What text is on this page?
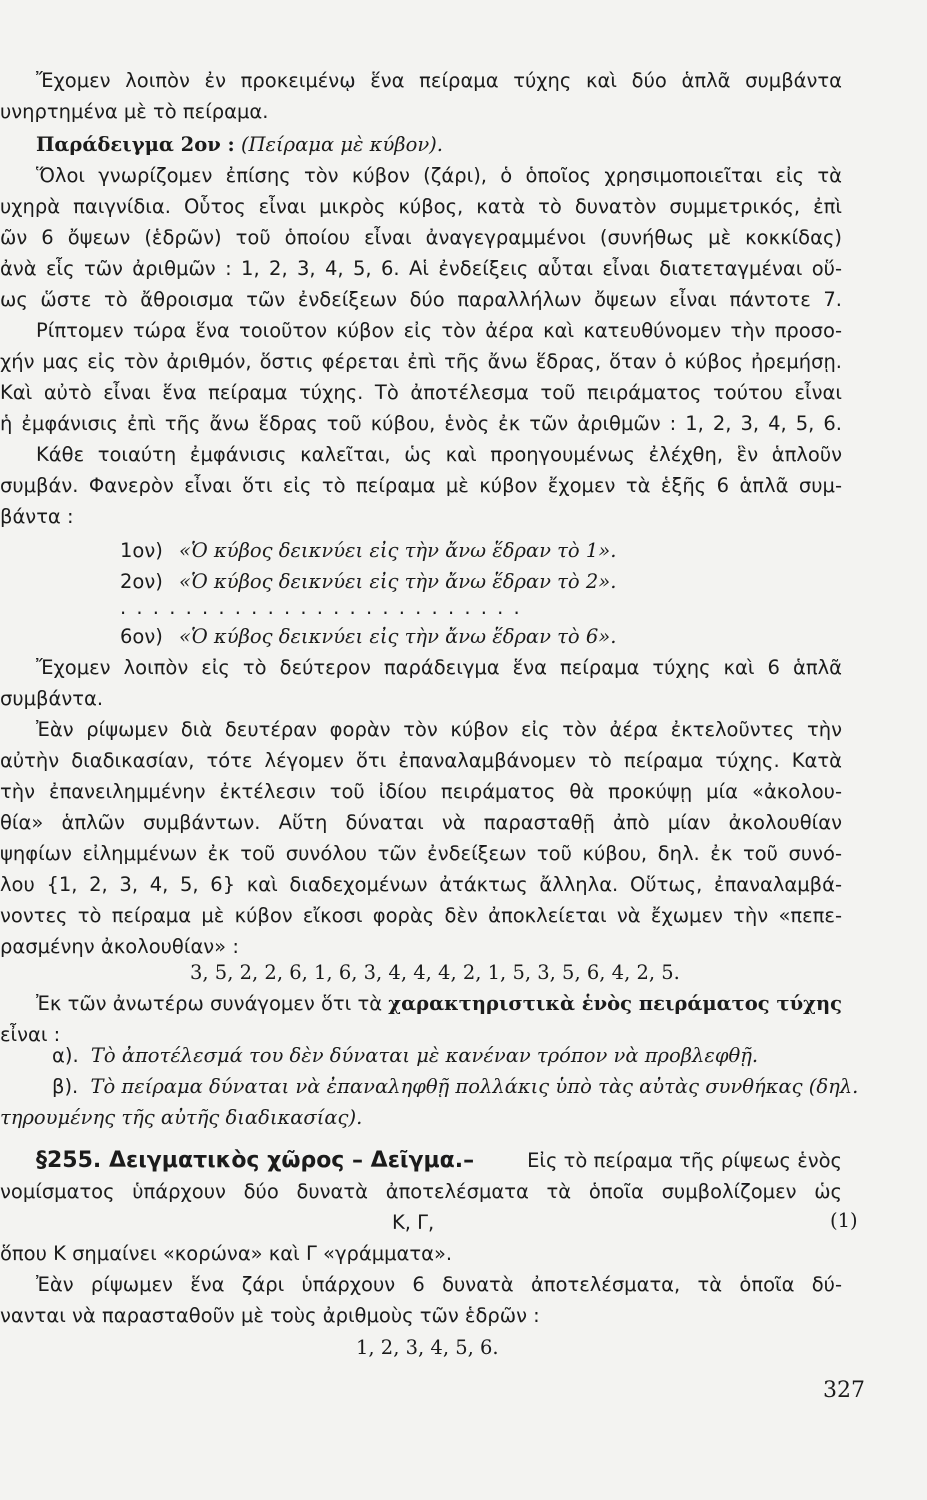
Ἔχομεν λοιπὸν ἐν προκειμένῳ ἕνα πείραμα τύχης καὶ δύο ἁπλᾶ συμβάντα
υνηρτημένα μὲ τὸ πείραμα.
Παράδειγμα 2ον : (Πείραμα μὲ κύβον).
Ὅλοι γνωρίζομεν ἐπίσης τὸν κύβον (ζάρι), ὁ ὁποῖος χρησιμοποιεῖται εἰς τὰ
υχηρὰ παιγνίδια. Οὗτος εἶναι μικρὸς κύβος, κατὰ τὸ δυνατὸν συμμετρικός, ἐπὶ
ῶν 6 ὄψεων (ἑδρῶν) τοῦ ὁποίου εἶναι ἀναγεγραμμένοι (συνήθως μὲ κοκκίδας)
ἀνὰ εἷς τῶν ἀριθμῶν : 1, 2, 3, 4, 5, 6. Αἱ ἐνδείξεις αὗται εἶναι διατεταγμέναι οὕ-
ως ὥστε τὸ ἄθροισμα τῶν ἐνδείξεων δύο παραλλήλων ὄψεων εἶναι πάντοτε 7.
Ρίπτομεν τώρα ἕνα τοιοῦτον κύβον εἰς τὸν ἀέρα καὶ κατευθύνομεν τὴν προσο-
χήν μας εἰς τὸν ἀριθμόν, ὅστις φέρεται ἐπὶ τῆς ἄνω ἕδρας, ὅταν ὁ κύβος ἠρεμήσῃ.
Καὶ αὐτὸ εἶναι ἕνα πείραμα τύχης. Τὸ ἀποτέλεσμα τοῦ πειράματος τούτου εἶναι
ἡ ἐμφάνισις ἐπὶ τῆς ἄνω ἕδρας τοῦ κύβου, ἑνὸς ἐκ τῶν ἀριθμῶν : 1, 2, 3, 4, 5, 6.
Κάθε τοιαύτη ἐμφάνισις καλεῖται, ὡς καὶ προηγουμένως ἐλέχθη, ἓν ἁπλοῦν
συμβάν. Φανερὸν εἶναι ὅτι εἰς τὸ πείραμα μὲ κύβον ἔχομεν τὰ ἑξῆς 6 ἁπλᾶ συμ-
βάντα :
1ον) «Ὁ κύβος δεικνύει εἰς τὴν ἄνω ἕδραν τὸ 1».
2ον) «Ὁ κύβος δεικνύει εἰς τὴν ἄνω ἕδραν τὸ 2».
. . . . . . . . . . . . . . . . . . . . . . . . .
6ον) «Ὁ κύβος δεικνύει εἰς τὴν ἄνω ἕδραν τὸ 6».
Ἔχομεν λοιπὸν εἰς τὸ δεύτερον παράδειγμα ἕνα πείραμα τύχης καὶ 6 ἁπλᾶ
συμβάντα.
Ἐὰν ρίψωμεν διὰ δευτέραν φορὰν τὸν κύβον εἰς τὸν ἀέρα ἐκτελοῦντες τὴν
αὐτὴν διαδικασίαν, τότε λέγομεν ὅτι ἐπαναλαμβάνομεν τὸ πείραμα τύχης. Κατὰ
τὴν ἐπανειλημμένην ἐκτέλεσιν τοῦ ἰδίου πειράματος θὰ προκύψῃ μία «ἀκολου-
θία» ἁπλῶν συμβάντων. Αὕτη δύναται νὰ παρασταθῇ ἀπὸ μίαν ἀκολουθίαν
ψηφίων εἰλημμένων ἐκ τοῦ συνόλου τῶν ἐνδείξεων τοῦ κύβου, δηλ. ἐκ τοῦ συνό-
λου {1, 2, 3, 4, 5, 6} καὶ διαδεχομένων ἀτάκτως ἄλληλα. Οὕτως, ἐπαναλαμβά-
νοντες τὸ πείραμα μὲ κύβον εἴκοσι φορὰς δὲν ἀποκλείεται νὰ ἔχωμεν τὴν «πεπε-
ρασμένην ἀκολουθίαν» :
3, 5, 2, 2, 6, 1, 6, 3, 4, 4, 4, 2, 1, 5, 3, 5, 6, 4, 2, 5.
Ἐκ τῶν ἀνωτέρω συνάγομεν ὅτι τὰ χαρακτηριστικὰ ἑνὸς πειράματος τύχης
εἶναι :
α). Τὸ ἀποτέλεσμά του δὲν δύναται μὲ κανέναν τρόπον νὰ προβλεφθῇ.
β). Τὸ πείραμα δύναται νὰ ἐπαναληφθῇ πολλάκις ὑπὸ τὰς αὐτὰς συνθήκας (δηλ.
τηρουμένης τῆς αὐτῆς διαδικασίας).
§255. Δειγματικὸς χῶρος – Δεῖγμα.–	Εἰς τὸ πείραμα τῆς ρίψεως ἑνὸς
νομίσματος ὑπάρχουν δύο δυνατὰ ἀποτελέσματα τὰ ὁποῖα συμβολίζομεν ὡς
Κ, Γ,	(1)
ὅπου Κ σημαίνει «κορώνα» καὶ Γ «γράμματα».
Ἐὰν ρίψωμεν ἕνα ζάρι ὑπάρχουν 6 δυνατὰ ἀποτελέσματα, τὰ ὁποῖα δύ-
νανται νὰ παρασταθοῦν μὲ τοὺς ἀριθμοὺς τῶν ἑδρῶν :
1, 2, 3, 4, 5, 6.
327
